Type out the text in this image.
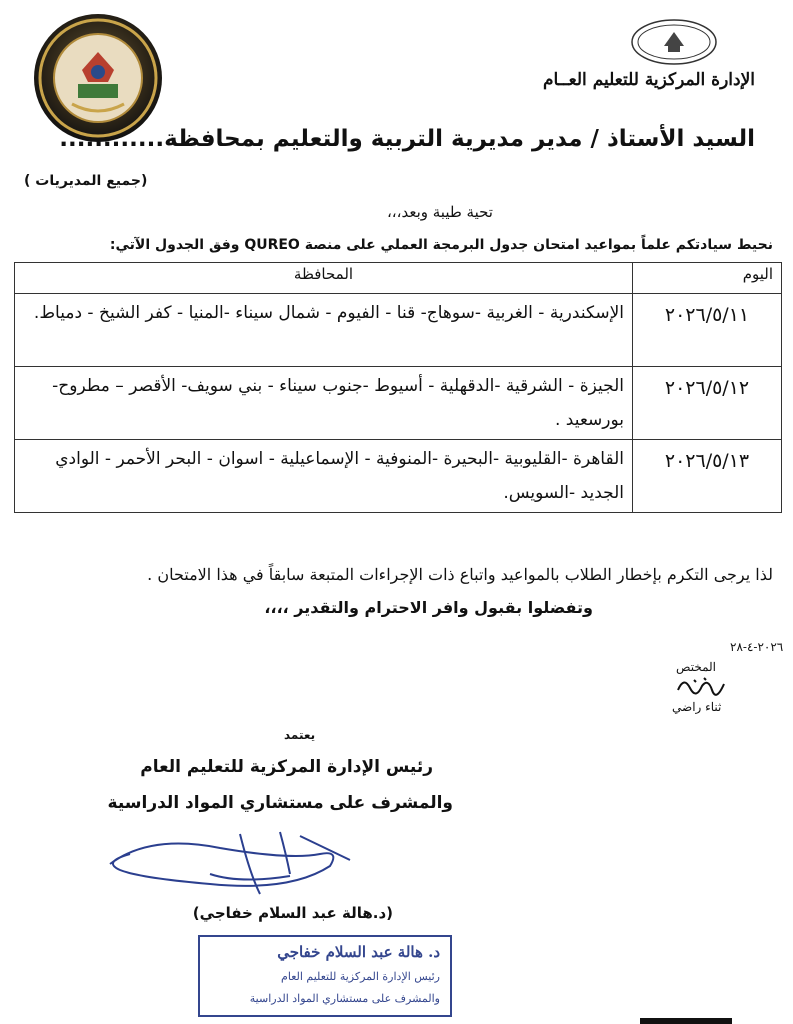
الإدارة المركزية للتعليم العــام
السيد الأستاذ / مدير مديرية التربية والتعليم بمحافظة............
(جميع المديريات )
تحية طيبة وبعد،،،
نحيط سيادتكم علماً بمواعيد امتحان جدول البرمجة العملي على منصة QUREO وفق الجدول الآتي:
اليوم	المحافظة
٢٠٢٦/٥/١١	الإسكندرية - الغربية -سوهاج- قنا - الفيوم - شمال سيناء -المنيا - كفر الشيخ - دمياط.
٢٠٢٦/٥/١٢	الجيزة - الشرقية -الدقهلية - أسيوط -جنوب سيناء - بني سويف- الأقصر – مطروح- بورسعيد .
٢٠٢٦/٥/١٣	القاهرة -القليوبية -البحيرة -المنوفية - الإسماعيلية - اسوان - البحر الأحمر - الوادي الجديد -السويس.
لذا يرجى التكرم بإخطار الطلاب بالمواعيد واتباع ذات الإجراءات المتبعة سابقاً في هذا الامتحان .
وتفضلوا بقبول وافر الاحترام والتقدير ،،،،
٢٠٢٦-٤-٢٨
المختص
ثناء راضي
يعتمد
رئيس الإدارة المركزية للتعليم العام
والمشرف على مستشاري المواد الدراسية
(د.هالة عبد السلام خفاجي)
د. هالة عبد السلام خفاجي
رئيس الإدارة المركزية للتعليم العام
والمشرف على مستشاري المواد الدراسية
